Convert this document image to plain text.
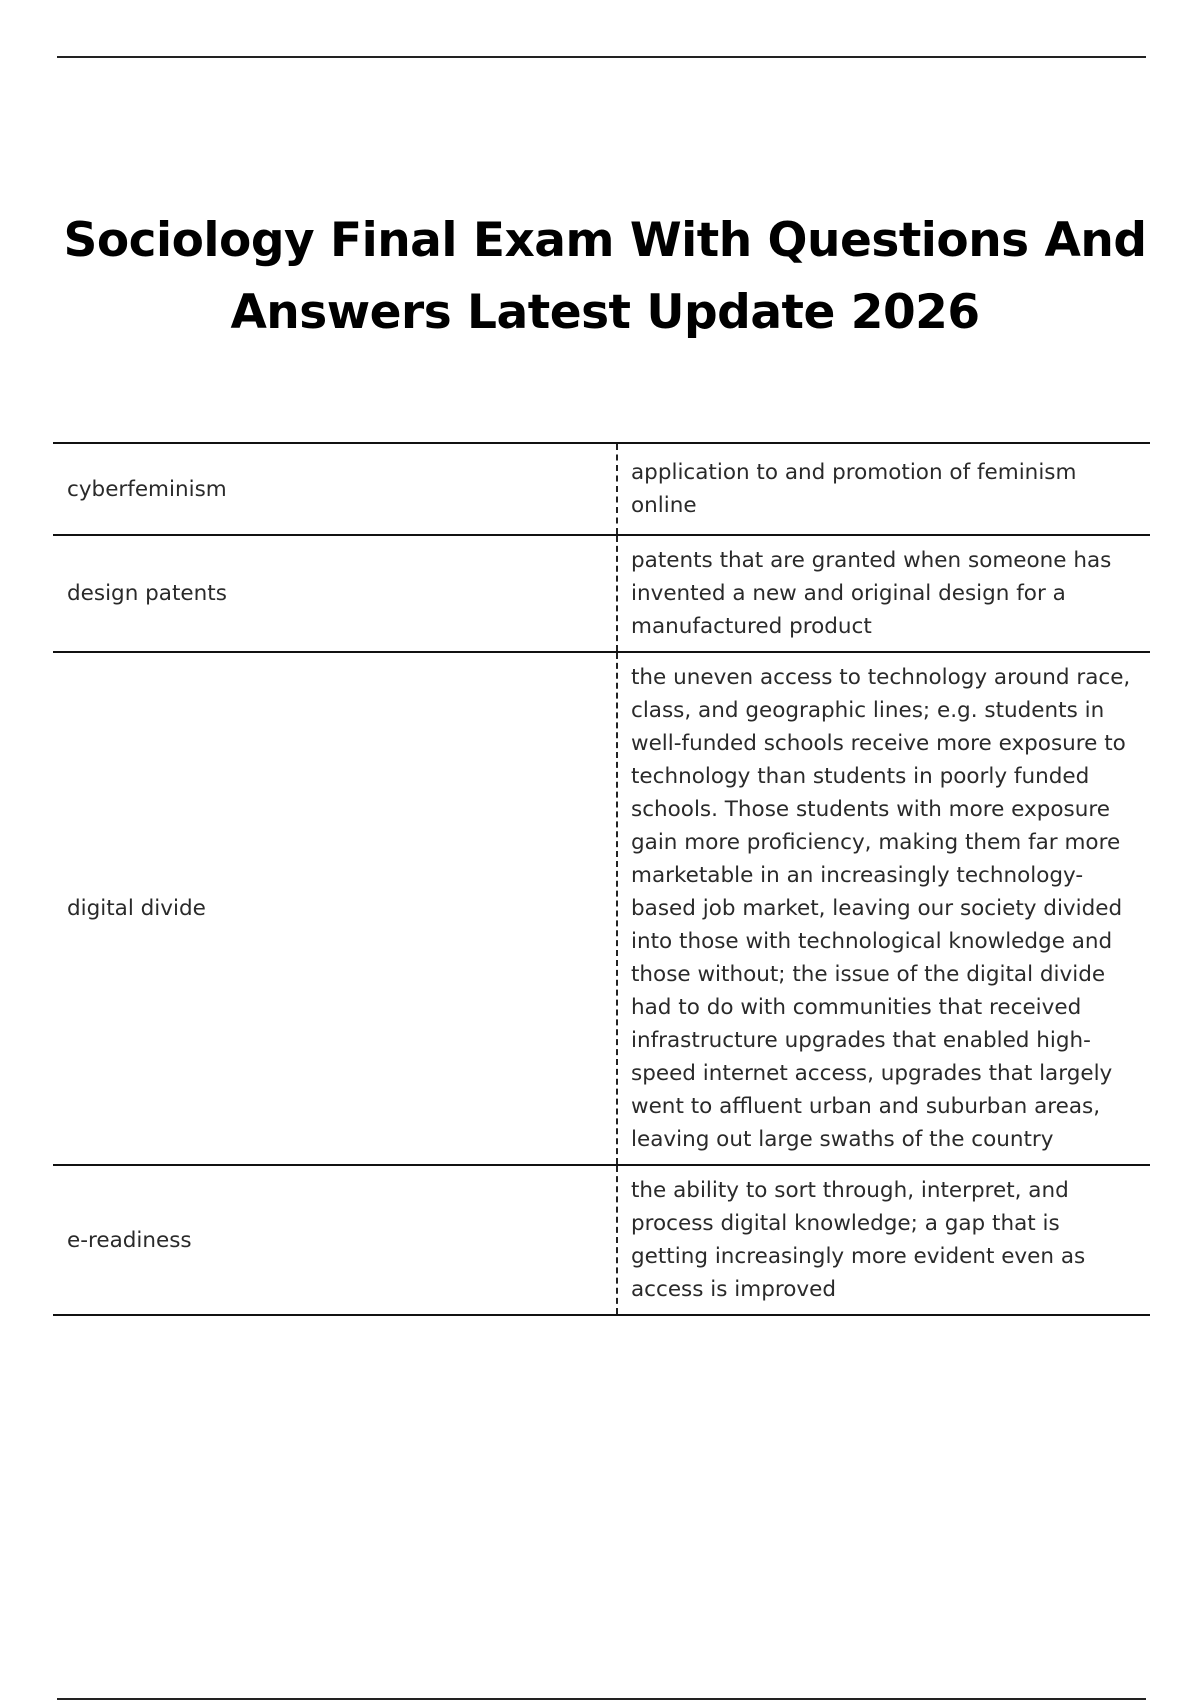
Sociology Final Exam With Questions And Answers Latest Update 2026
cyberfeminism	application to and promotion of feminism online
design patents	patents that are granted when someone has invented a new and original design for a manufactured product
digital divide	the uneven access to technology around race, class, and geographic lines; e.g. students in well-funded schools receive more exposure to technology than students in poorly funded schools. Those students with more exposure gain more proficiency, making them far more marketable in an increasingly technology-based job market, leaving our society divided into those with technological knowledge and those without; the issue of the digital divide had to do with communities that received infrastructure upgrades that enabled high-speed internet access, upgrades that largely went to affluent urban and suburban areas, leaving out large swaths of the country
e-readiness	the ability to sort through, interpret, and process digital knowledge; a gap that is getting increasingly more evident even as access is improved
